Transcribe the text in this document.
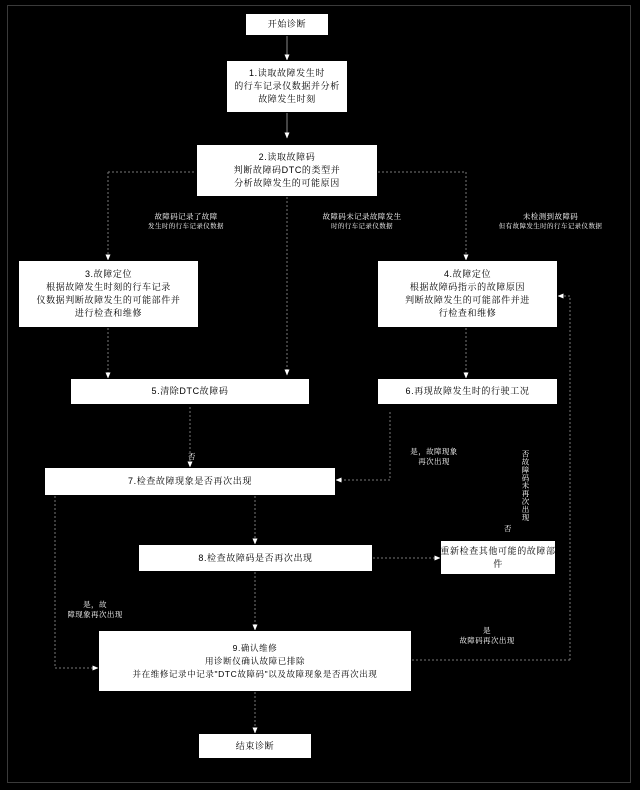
开始诊断
1.读取故障发生时
的行车记录仪数据并分析
故障发生时刻
2.读取故障码
判断故障码DTC的类型并
分析故障发生的可能原因
3.故障定位
根据故障发生时刻的行车记录
仪数据判断故障发生的可能部件并
进行检查和维修
4.故障定位
根据故障码指示的故障原因
判断故障发生的可能部件并进
行检查和维修
5.清除DTC故障码	6.再现故障发生时的行驶工况
7.检查故障现象是否再次出现
8.检查故障码是否再次出现
9.确认维修
用诊断仪确认故障已排除
并在维修记录中记录"DTC故障码"以及故障现象是否再次出现
重新检查其他可能的故障部
件
结束诊断
故障码记录了故障
发生时的行车记录仪数据
故障码未记录故障发生
时的行车记录仪数据
未检测到故障码
但有故障发生时的行车记录仪数据
否
是，故障现象
再次出现
否
是，故
障现象再次出现
是
故障码再次出现
否故障码未再次出现
